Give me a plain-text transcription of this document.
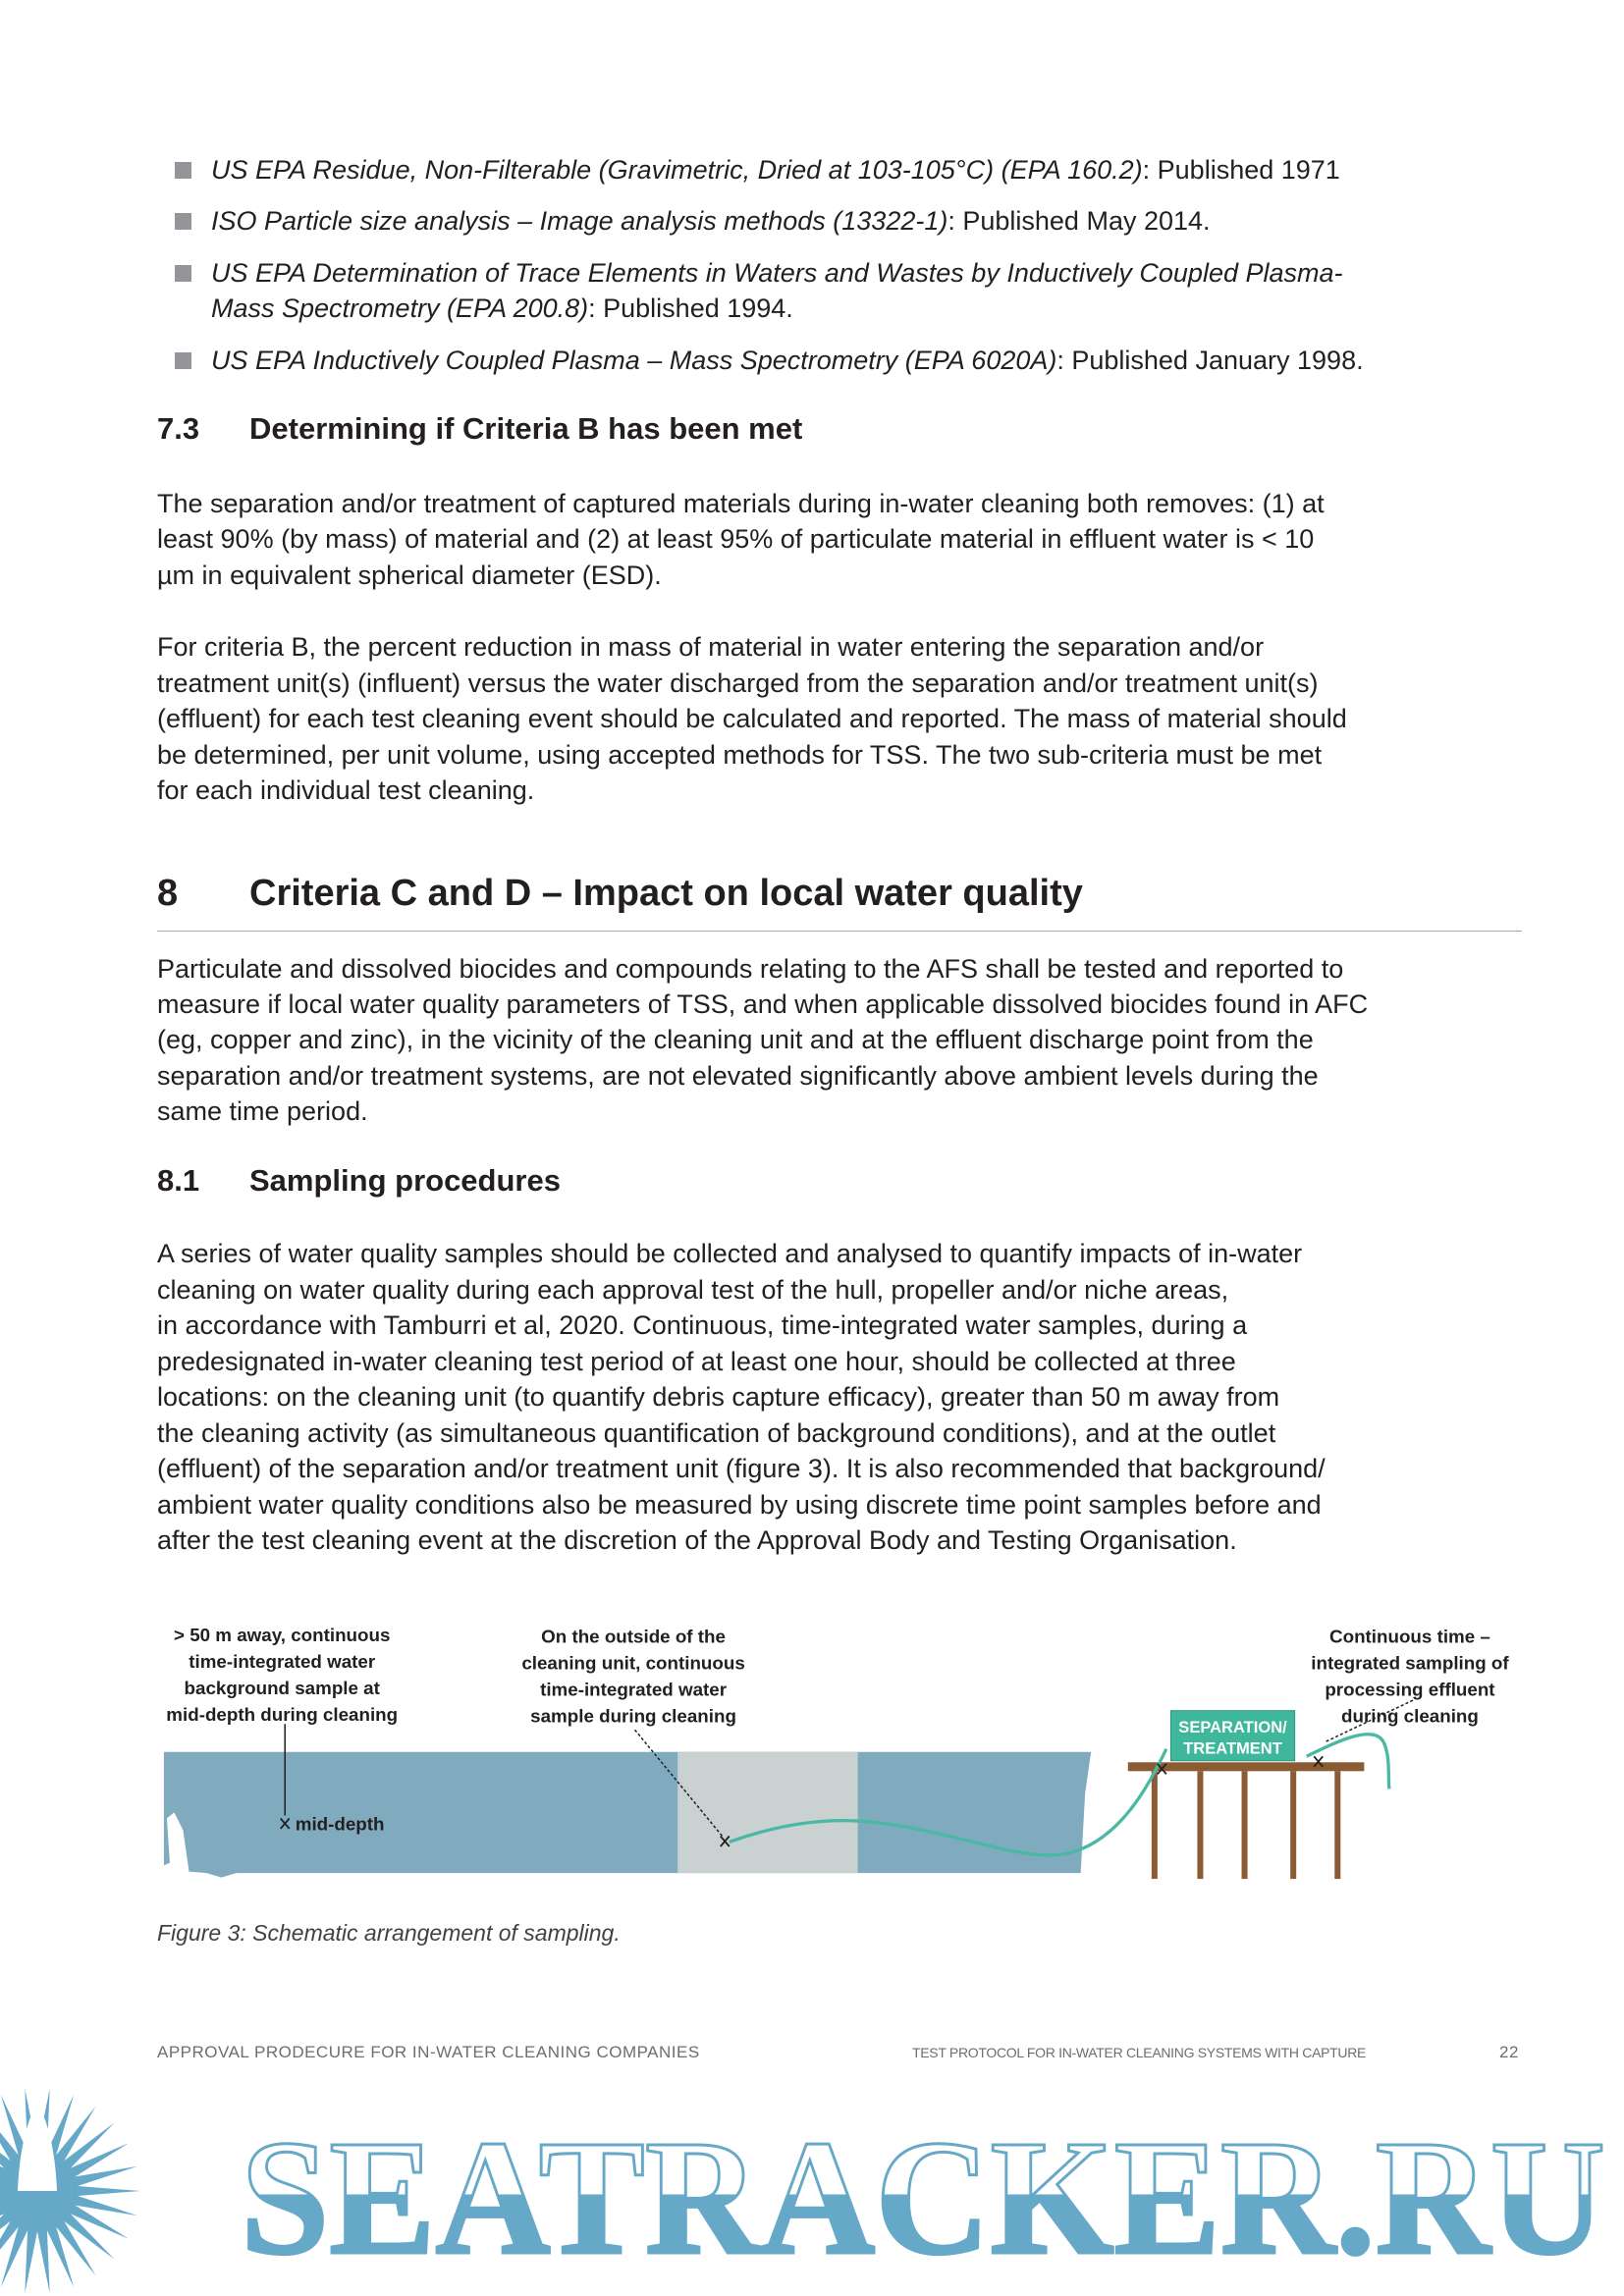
7.3 Determining if Criteria B has been met
8 Criteria C and D – Impact on local water quality
8.1 Sampling procedures
SEPARATION/
TREATMENT
mid-depth
> 50 m away, continuous
time-integrated water
background sample at
mid-depth during cleaning
On the outside of the
cleaning unit, continuous
time-integrated water
sample during cleaning
Continuous time –
integrated sampling of
processing effluent
during cleaning
Figure 3: Schematic arrangement of sampling.
APPROVAL PRODECURE FOR IN-WATER CLEANING COMPANIES	TEST PROTOCOL FOR IN-WATER CLEANING SYSTEMS WITH CAPTURE	22
SEATRACKER.RU
US EPA Residue, Non-Filterable (Gravimetric, Dried at 103-105°C) (EPA 160.2): Published 1971
ISO Particle size analysis – Image analysis methods (13322-1): Published May 2014.
US EPA Determination of Trace Elements in Waters and Wastes by Inductively Coupled Plasma-
Mass Spectrometry (EPA 200.8): Published 1994.
US EPA Inductively Coupled Plasma – Mass Spectrometry (EPA 6020A): Published January 1998.
The separation and/or treatment of captured materials during in-water cleaning both removes: (1) at
least 90% (by mass) of material and (2) at least 95% of particulate material in effluent water is < 10
µm in equivalent spherical diameter (ESD).
For criteria B, the percent reduction in mass of material in water entering the separation and/or
treatment unit(s) (influent) versus the water discharged from the separation and/or treatment unit(s)
(effluent) for each test cleaning event should be calculated and reported. The mass of material should
be determined, per unit volume, using accepted methods for TSS. The two sub-criteria must be met
for each individual test cleaning.
Particulate and dissolved biocides and compounds relating to the AFS shall be tested and reported to
measure if local water quality parameters of TSS, and when applicable dissolved biocides found in AFC
(eg, copper and zinc), in the vicinity of the cleaning unit and at the effluent discharge point from the
separation and/or treatment systems, are not elevated significantly above ambient levels during the
same time period.
A series of water quality samples should be collected and analysed to quantify impacts of in-water
cleaning on water quality during each approval test of the hull, propeller and/or niche areas,
in accordance with Tamburri et al, 2020. Continuous, time-integrated water samples, during a
predesignated in-water cleaning test period of at least one hour, should be collected at three
locations: on the cleaning unit (to quantify debris capture efficacy), greater than 50 m away from
the cleaning activity (as simultaneous quantification of background conditions), and at the outlet
(effluent) of the separation and/or treatment unit (figure 3). It is also recommended that background/
ambient water quality conditions also be measured by using discrete time point samples before and
after the test cleaning event at the discretion of the Approval Body and Testing Organisation.
